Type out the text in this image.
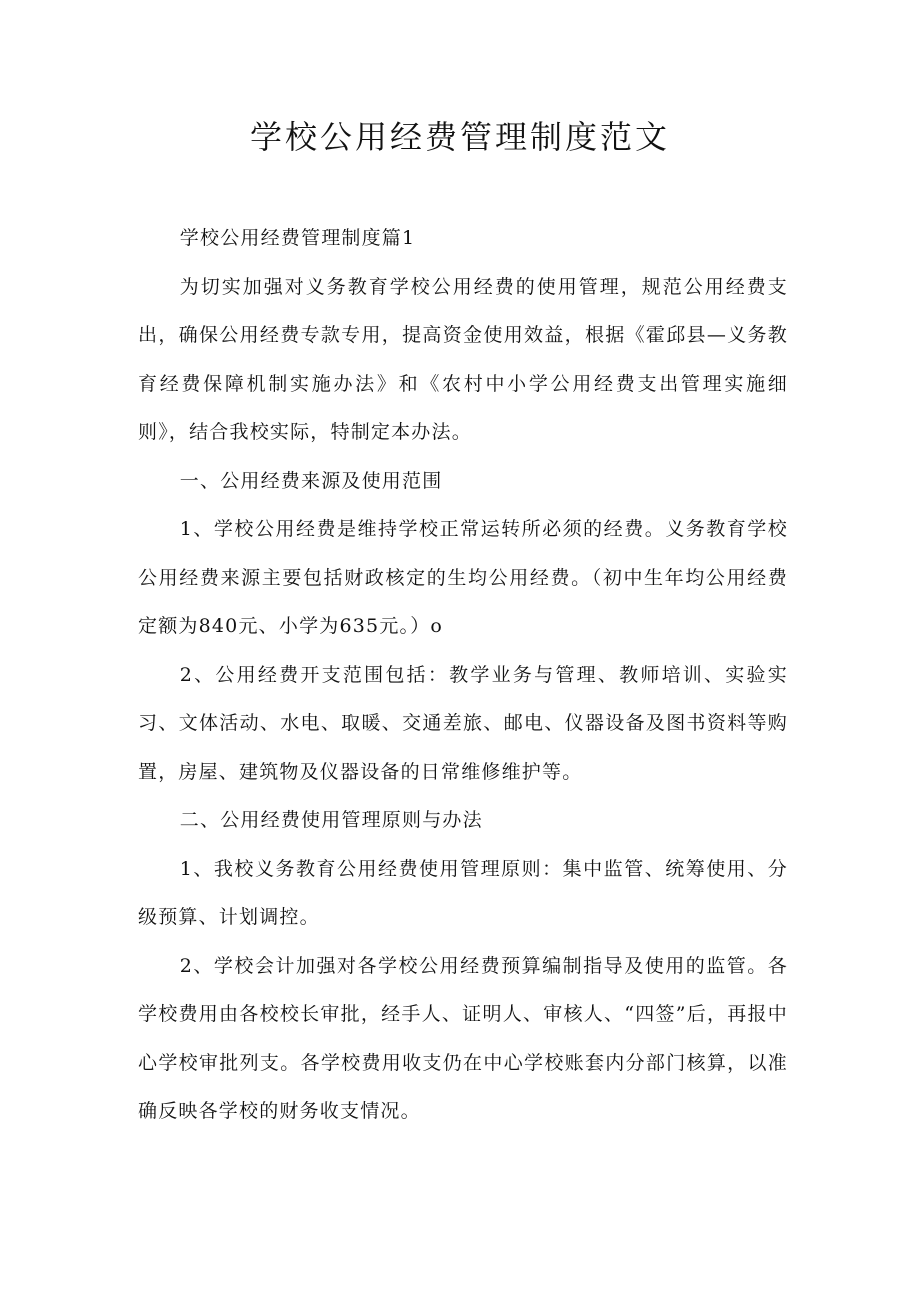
学校公用经费管理制度范文

学校公用经费管理制度篇1

为切实加强对义务教育学校公用经费的使用管理，规范公用经费支出，确保公用经费专款专用，提高资金使用效益，根据《霍邱县—义务教育经费保障机制实施办法》和《农村中小学公用经费支出管理实施细则》，结合我校实际，特制定本办法。

一、公用经费来源及使用范围

1、学校公用经费是维持学校正常运转所必须的经费。义务教育学校公用经费来源主要包括财政核定的生均公用经费。（初中生年均公用经费定额为840元、小学为635元。）o

2、公用经费开支范围包括：教学业务与管理、教师培训、实验实习、文体活动、水电、取暖、交通差旅、邮电、仪器设备及图书资料等购置，房屋、建筑物及仪器设备的日常维修维护等。

二、公用经费使用管理原则与办法

1、我校义务教育公用经费使用管理原则：集中监管、统筹使用、分级预算、计划调控。

2、学校会计加强对各学校公用经费预算编制指导及使用的监管。各学校费用由各校校长审批，经手人、证明人、审核人、“四签”后，再报中心学校审批列支。各学校费用收支仍在中心学校账套内分部门核算，以准确反映各学校的财务收支情况。
